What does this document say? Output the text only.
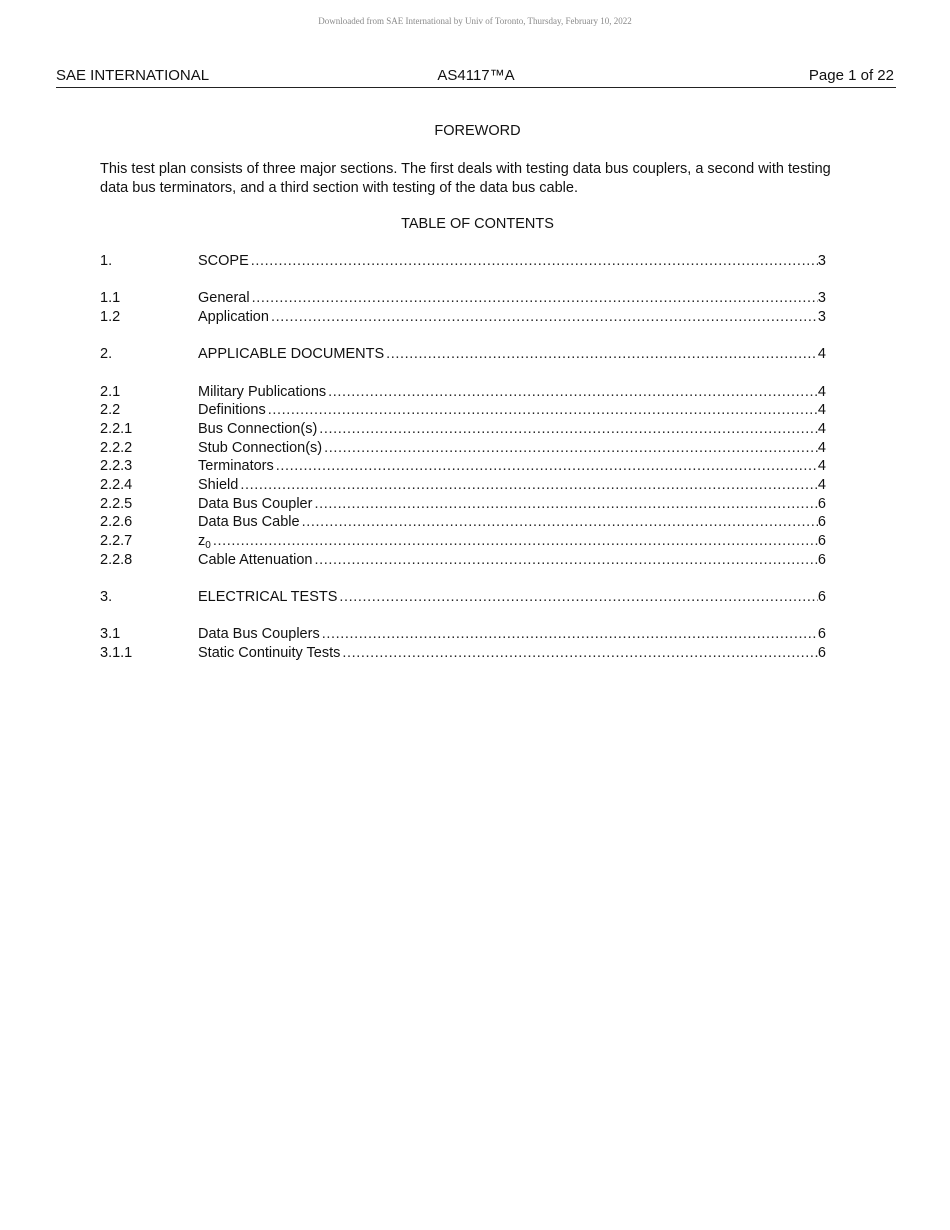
Downloaded from SAE International by Univ of Toronto, Thursday, February 10, 2022
SAE INTERNATIONAL	AS4117™A	Page 1 of 22
FOREWORD
This test plan consists of three major sections. The first deals with testing data bus couplers, a second with testing data bus terminators, and a third section with testing of the data bus cable.
TABLE OF CONTENTS
1.	SCOPE .....	3
1.1	General .....	3
1.2	Application .....	3
2.	APPLICABLE DOCUMENTS .....	4
2.1	Military Publications .....	4
2.2	Definitions .....	4
2.2.1	Bus Connection(s) .....	4
2.2.2	Stub Connection(s) .....	4
2.2.3	Terminators .....	4
2.2.4	Shield .....	4
2.2.5	Data Bus Coupler .....	6
2.2.6	Data Bus Cable .....	6
2.2.7	$z_0$ .....	6
2.2.8	Cable Attenuation .....	6
3.	ELECTRICAL TESTS .....	6
3.1	Data Bus Couplers .....	6
3.1.1	Static Continuity Tests .....	6
